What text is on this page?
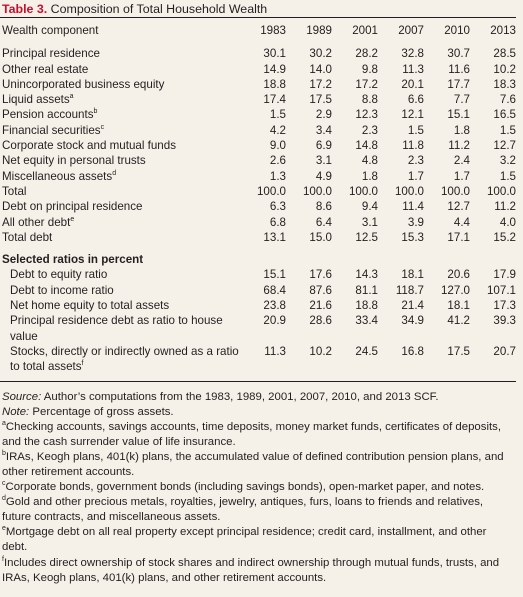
Table 3. Composition of Total Household Wealth
Wealth component	1983	1989	2001	2007	2010	2013
Principal residence	30.1	30.2	28.2	32.8	30.7	28.5
Other real estate	14.9	14.0	9.8	11.3	11.6	10.2
Unincorporated business equity	18.8	17.2	17.2	20.1	17.7	18.3
Liquid assets$^a$	17.4	17.5	8.8	6.6	7.7	7.6
Pension accounts$^b$	1.5	2.9	12.3	12.1	15.1	16.5
Financial securities$^c$	4.2	3.4	2.3	1.5	1.8	1.5
Corporate stock and mutual funds	9.0	6.9	14.8	11.8	11.2	12.7
Net equity in personal trusts	2.6	3.1	4.8	2.3	2.4	3.2
Miscellaneous assets$^d$	1.3	4.9	1.8	1.7	1.7	1.5
Total	100.0	100.0	100.0	100.0	100.0	100.0
Debt on principal residence	6.3	8.6	9.4	11.4	12.7	11.2
All other debt$^e$	6.8	6.4	3.1	3.9	4.4	4.0
Total debt	13.1	15.0	12.5	15.3	17.1	15.2

Selected ratios in percent						
Debt to equity ratio	15.1	17.6	14.3	18.1	20.6	17.9
Debt to income ratio	68.4	87.6	81.1	118.7	127.0	107.1
Net home equity to total assets	23.8	21.6	18.8	21.4	18.1	17.3
Principal residence debt as ratio to house
value	20.9	28.6	33.4	34.9	41.2	39.3
Stocks, directly or indirectly owned as a ratio
to total assets$^f$	11.3	10.2	24.5	16.8	17.5	20.7

Source: Author’s computations from the 1983, 1989, 2001, 2007, 2010, and 2013 SCF.

Note: Percentage of gross assets.

$^a$Checking accounts, savings accounts, time deposits, money market funds, certificates of deposits, and the cash surrender value of life insurance.

$^b$IRAs, Keogh plans, 401(k) plans, the accumulated value of defined contribution pension plans, and other retirement accounts.

$^c$Corporate bonds, government bonds (including savings bonds), open-market paper, and notes.

$^d$Gold and other precious metals, royalties, jewelry, antiques, furs, loans to friends and relatives, future contracts, and miscellaneous assets.

$^e$Mortgage debt on all real property except principal residence; credit card, installment, and other debt.

$^f$Includes direct ownership of stock shares and indirect ownership through mutual funds, trusts, and IRAs, Keogh plans, 401(k) plans, and other retirement accounts.
